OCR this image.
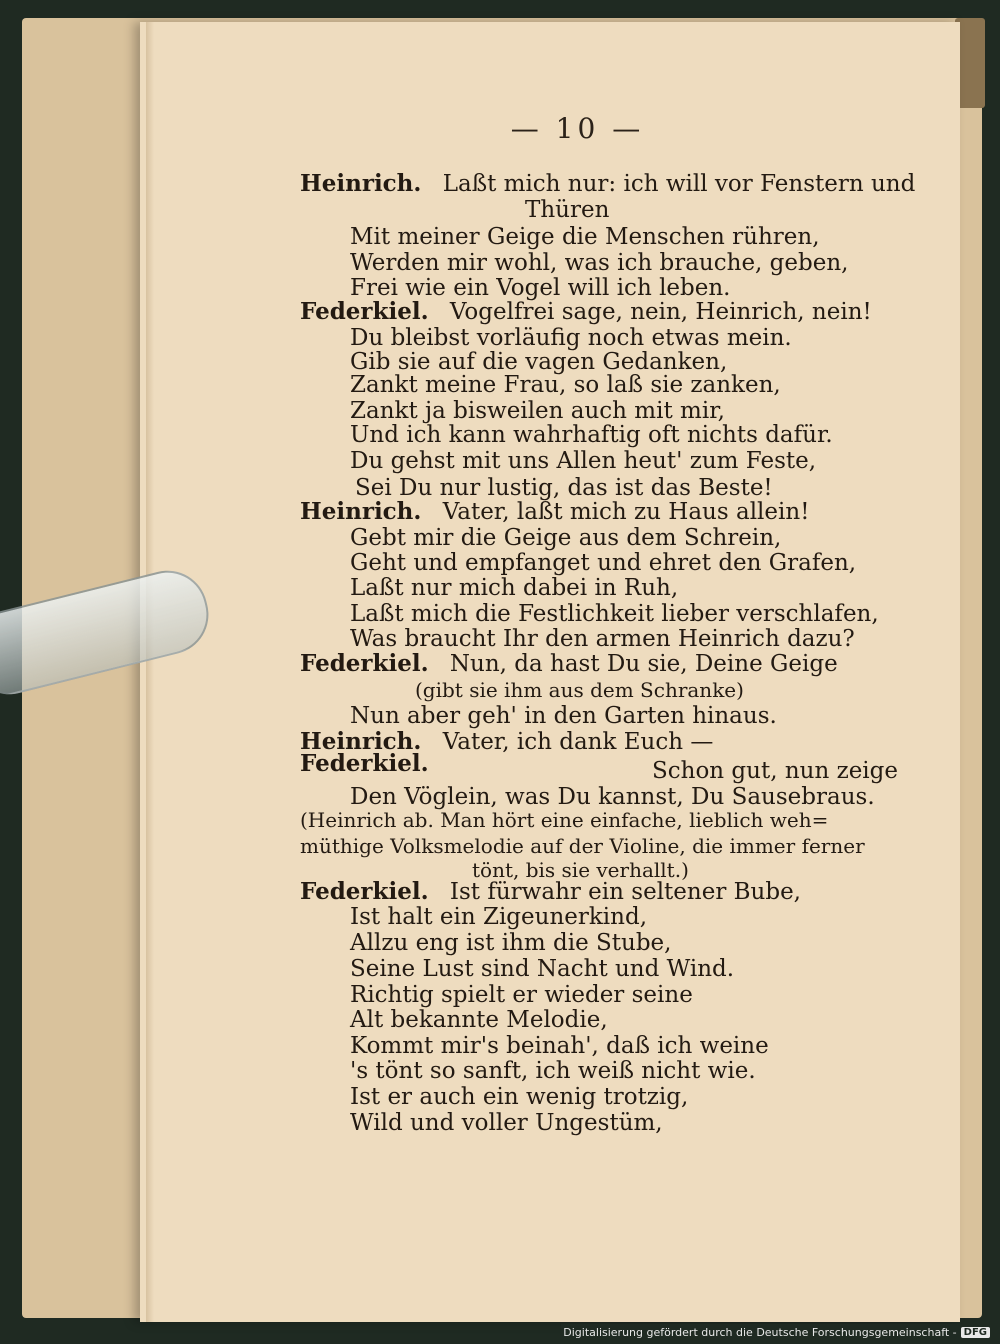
— 10 —
Heinrich. Laßt mich nur: ich will vor Fenstern und
Thüren
Mit meiner Geige die Menschen rühren,
Werden mir wohl, was ich brauche, geben,
Frei wie ein Vogel will ich leben.
Federkiel. Vogelfrei sage, nein, Heinrich, nein!
Du bleibst vorläufig noch etwas mein.
Gib sie auf die vagen Gedanken,
Zankt meine Frau, so laß sie zanken,
Zankt ja bisweilen auch mit mir,
Und ich kann wahrhaftig oft nichts dafür.
Du gehst mit uns Allen heut' zum Feste,
Sei Du nur lustig, das ist das Beste!
Heinrich. Vater, laßt mich zu Haus allein!
Gebt mir die Geige aus dem Schrein,
Geht und empfanget und ehret den Grafen,
Laßt nur mich dabei in Ruh,
Laßt mich die Festlichkeit lieber verschlafen,
Was braucht Ihr den armen Heinrich dazu?
Federkiel. Nun, da hast Du sie, Deine Geige
(gibt sie ihm aus dem Schranke)
Nun aber geh' in den Garten hinaus.
Heinrich. Vater, ich dank Euch —
Federkiel.	Schon gut, nun zeige
Den Vöglein, was Du kannst, Du Sausebraus.
(Heinrich ab. Man hört eine einfache, lieblich weh=
müthige Volksmelodie auf der Violine, die immer ferner
tönt, bis sie verhallt.)
Federkiel. Ist fürwahr ein seltener Bube,
Ist halt ein Zigeunerkind,
Allzu eng ist ihm die Stube,
Seine Lust sind Nacht und Wind.
Richtig spielt er wieder seine
Alt bekannte Melodie,
Kommt mir's beinah', daß ich weine
's tönt so sanft, ich weiß nicht wie.
Ist er auch ein wenig trotzig,
Wild und voller Ungestüm,
Digitalisierung gefördert durch die Deutsche Forschungsgemeinschaft - DFG
